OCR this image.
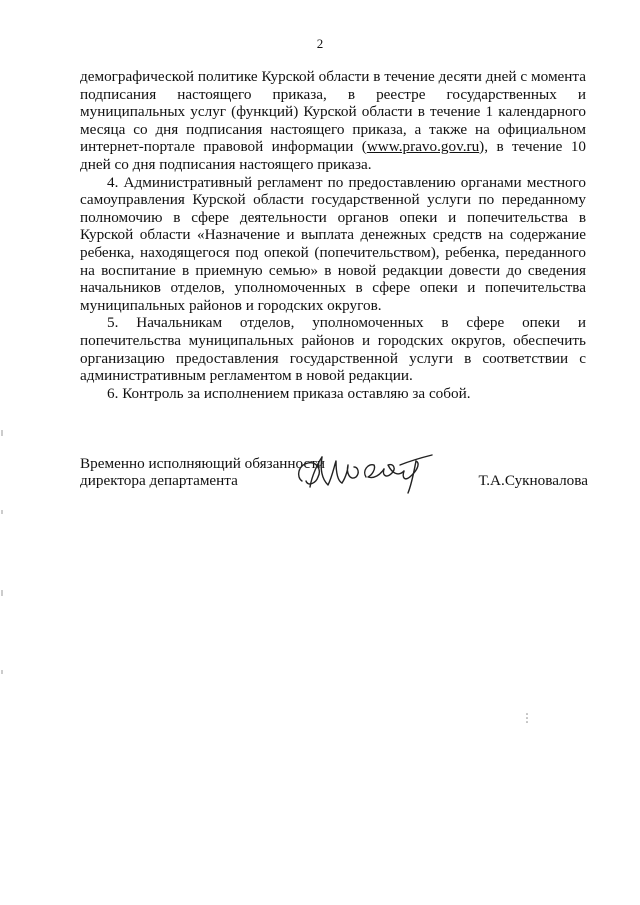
2

демографической политике Курской области в течение десяти дней с момента подписания настоящего приказа, в реестре государственных и муниципальных услуг (функций) Курской области в течение 1 календарного месяца со дня подписания настоящего приказа, а также на официальном интернет-портале правовой информации (www.pravo.gov.ru), в течение 10 дней со дня подписания настоящего приказа.

4. Административный регламент по предоставлению органами местного самоуправления Курской области государственной услуги по переданному полномочию в сфере деятельности органов опеки и попечительства в Курской области «Назначение и выплата денежных средств на содержание ребенка, находящегося под опекой (попечительством), ребенка, переданного на воспитание в приемную семью» в новой редакции довести до сведения начальников отделов, уполномоченных в сфере опеки и попечительства муниципальных районов и городских округов.

5. Начальникам отделов, уполномоченных в сфере опеки и попечительства муниципальных районов и городских округов, обеспечить организацию предоставления государственной услуги в соответствии с административным регламентом в новой редакции.

6. Контроль за исполнением приказа оставляю за собой.

Временно исполняющий обязанности
директора департамента	Т.А.Сукновалова
